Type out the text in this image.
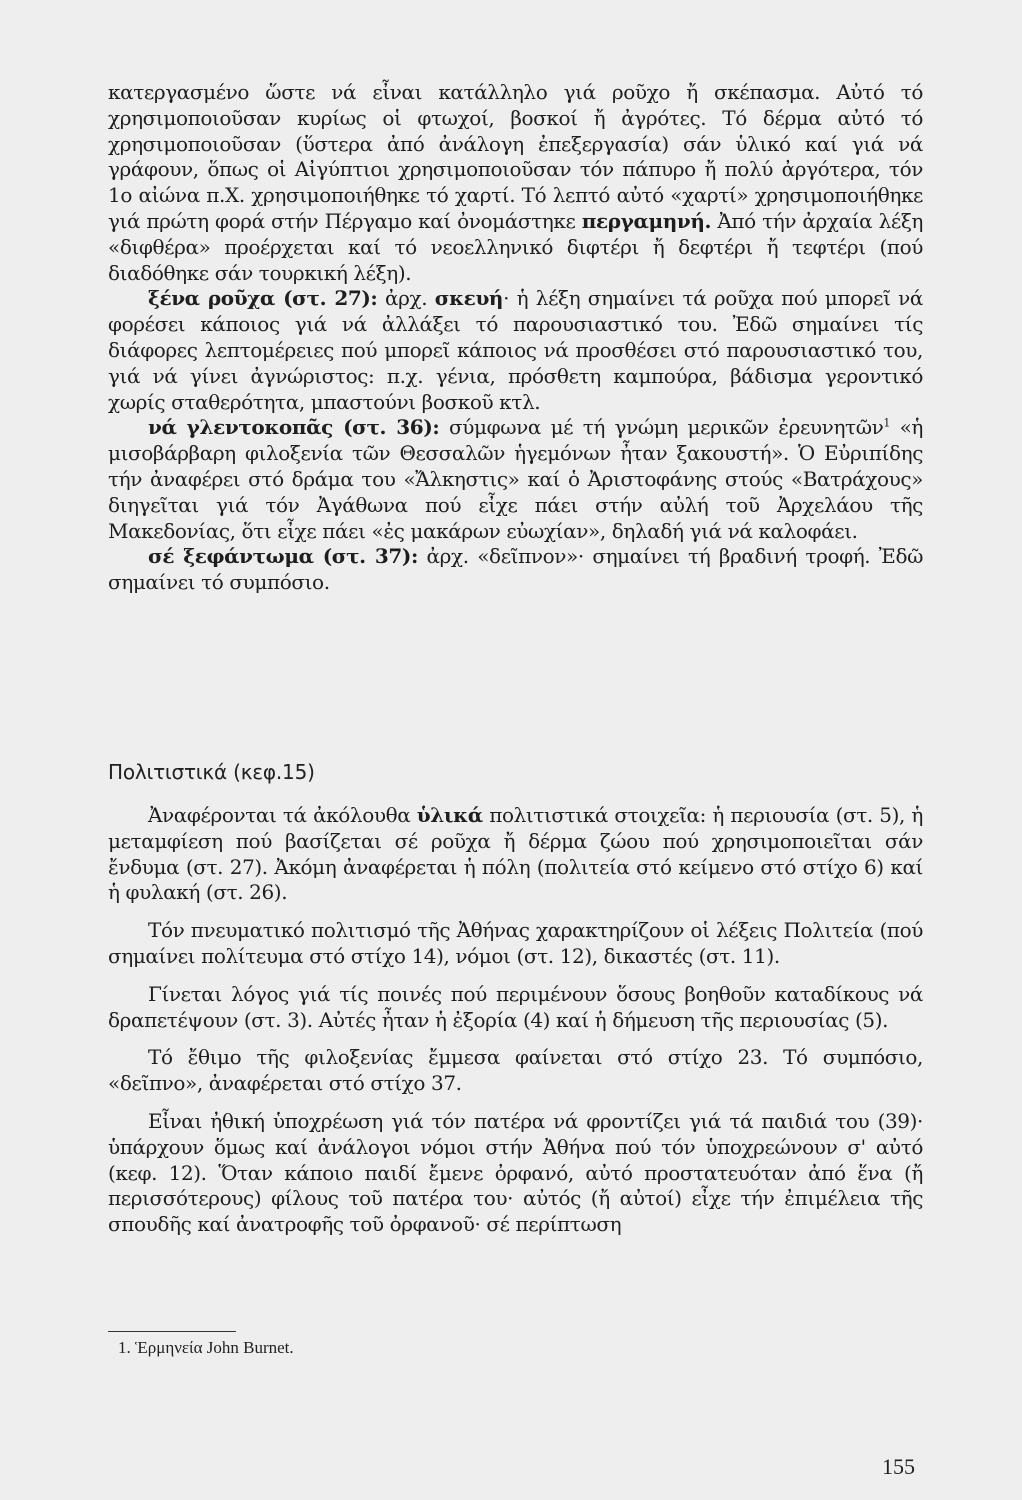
κατεργασμένο ὥστε νά εἶναι κατάλληλο γιά ροῦχο ἤ σκέπασμα. Αὐτό τό χρησιμοποιοῦσαν κυρίως οἱ φτωχοί, βοσκοί ἤ ἀγρότες. Τό δέρμα αὐτό τό χρησιμοποιοῦσαν (ὕστερα ἀπό ἀνάλογη ἐπεξεργασία) σάν ὑλικό καί γιά νά γράφουν, ὅπως οἱ Αἰγύπτιοι χρησιμοποιοῦσαν τόν πάπυρο ἤ πολύ ἀργότερα, τόν 1ο αἰώνα π.Χ. χρησιμοποιήθηκε τό χαρτί. Τό λεπτό αὐτό «χαρτί» χρησιμοποιήθηκε γιά πρώτη φορά στήν Πέργαμο καί ὀνομάστηκε περγαμηνή. Ἀπό τήν ἀρχαία λέξη «διφθέρα» προέρχεται καί τό νεοελληνικό διφτέρι ἤ δεφτέρι ἤ τεφτέρι (πού διαδόθηκε σάν τουρκική λέξη).

ξένα ροῦχα (στ. 27): ἀρχ. σκευή· ἡ λέξη σημαίνει τά ροῦχα πού μπορεῖ νά φορέσει κάποιος γιά νά ἀλλάξει τό παρουσιαστικό του. Ἐδῶ σημαίνει τίς διάφορες λεπτομέρειες πού μπορεῖ κάποιος νά προσθέσει στό παρουσιαστικό του, γιά νά γίνει ἀγνώριστος: π.χ. γένια, πρόσθετη καμπούρα, βάδισμα γεροντικό χωρίς σταθερότητα, μπαστούνι βοσκοῦ κτλ.

νά γλεντοκοπᾶς (στ. 36): σύμφωνα μέ τή γνώμη μερικῶν ἐρευνητῶν$^1$ «ἡ μισοβάρβαρη φιλοξενία τῶν Θεσσαλῶν ἡγεμόνων ἦταν ξακουστή». Ὁ Εὐριπίδης τήν ἀναφέρει στό δράμα του «Ἄλκηστις» καί ὁ Ἀριστοφάνης στούς «Βατράχους» διηγεῖται γιά τόν Ἀγάθωνα πού εἶχε πάει στήν αὐλή τοῦ Ἀρχελάου τῆς Μακεδονίας, ὅτι εἶχε πάει «ἐς μακάρων εὐωχίαν», δηλαδή γιά νά καλοφάει.

σέ ξεφάντωμα (στ. 37): ἀρχ. «δεῖπνον»· σημαίνει τή βραδινή τροφή. Ἐδῶ σημαίνει τό συμπόσιο.

Πολιτιστικά (κεφ.15)

Ἀναφέρονται τά ἀκόλουθα ὑλικά πολιτιστικά στοιχεῖα: ἡ περιουσία (στ. 5), ἡ μεταμφίεση πού βασίζεται σέ ροῦχα ἤ δέρμα ζώου πού χρησιμοποιεῖται σάν ἔνδυμα (στ. 27). Ἀκόμη ἀναφέρεται ἡ πόλη (πολιτεία στό κείμενο στό στίχο 6) καί ἡ φυλακή (στ. 26).

Τόν πνευματικό πολιτισμό τῆς Ἀθήνας χαρακτηρίζουν οἱ λέξεις Πολιτεία (πού σημαίνει πολίτευμα στό στίχο 14), νόμοι (στ. 12), δικαστές (στ. 11).

Γίνεται λόγος γιά τίς ποινές πού περιμένουν ὅσους βοηθοῦν καταδίκους νά δραπετέψουν (στ. 3). Αὐτές ἦταν ἡ ἐξορία (4) καί ἡ δήμευση τῆς περιουσίας (5).

Τό ἔθιμο τῆς φιλοξενίας ἔμμεσα φαίνεται στό στίχο 23. Τό συμπόσιο, «δεῖπνο», ἀναφέρεται στό στίχο 37.

Εἶναι ἠθική ὑποχρέωση γιά τόν πατέρα νά φροντίζει γιά τά παιδιά του (39)· ὑπάρχουν ὅμως καί ἀνάλογοι νόμοι στήν Ἀθήνα πού τόν ὑποχρεώνουν σ' αὐτό (κεφ. 12). Ὅταν κάποιο παιδί ἔμενε ὀρφανό, αὐτό προστατευόταν ἀπό ἕνα (ἤ περισσότερους) φίλους τοῦ πατέρα του· αὐτός (ἤ αὐτοί) εἶχε τήν ἐπιμέλεια τῆς σπουδῆς καί ἀνατροφῆς τοῦ ὀρφανοῦ· σέ περίπτωση

1. Ἑρμηνεία John Burnet.
155
